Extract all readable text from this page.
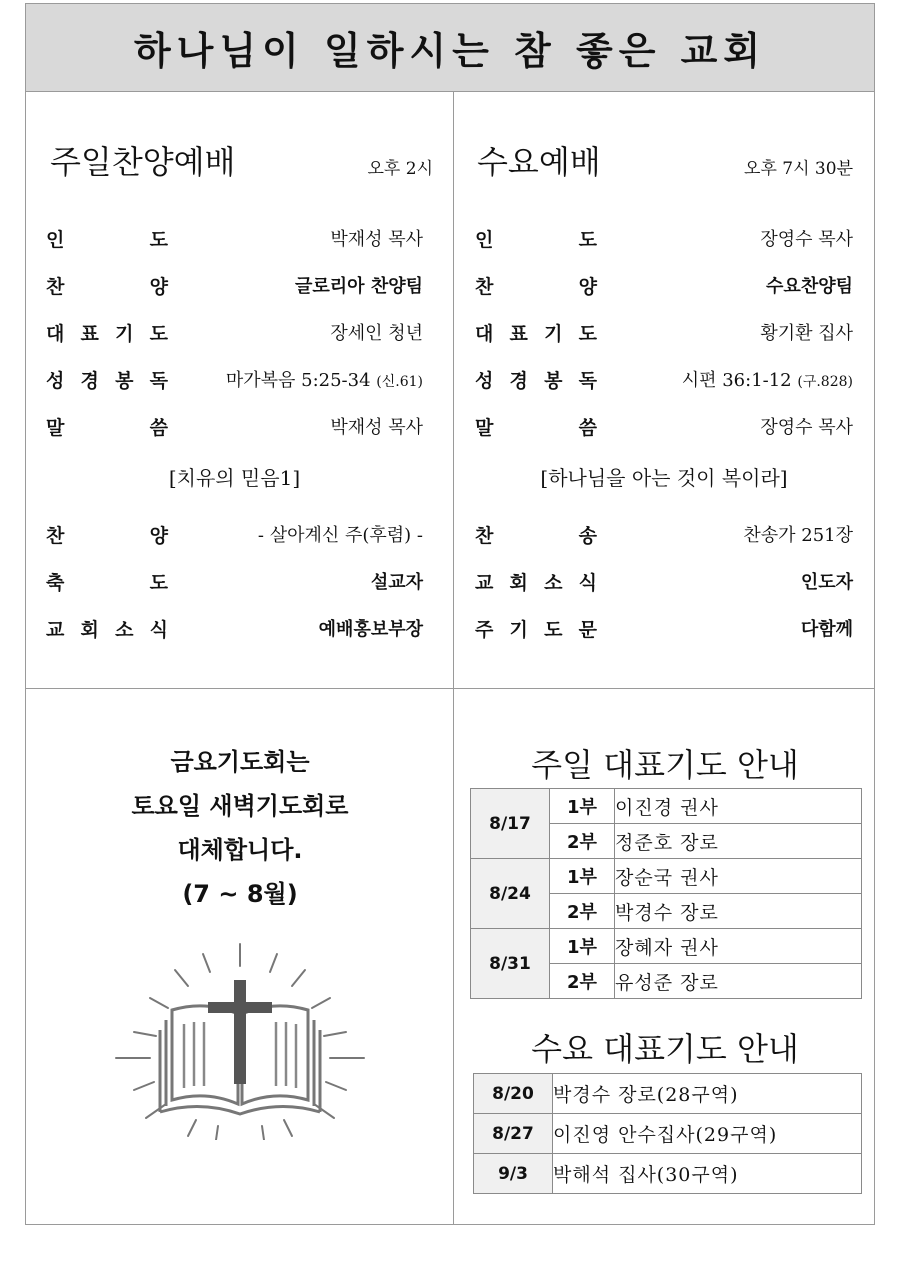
하나님이 일하시는 참 좋은 교회
주일찬양예배	오후 2시
인	도	박재성 목사
찬	양	글로리아 찬양팀
대 표 기 도	장세인 청년
성 경 봉 독	마가복음 5:25-34 (신.61)
말	씀	박재성 목사
[치유의 믿음1]
찬	양	- 살아계신 주(후렴) -
축	도	설교자
교 회 소 식	예배홍보부장
수요예배	오후 7시 30분
인	도	장영수 목사
찬	양	수요찬양팀
대 표 기 도	황기환 집사
성 경 봉 독	시편 36:1-12 (구.828)
말	씀	장영수 목사
[하나님을 아는 것이 복이라]
찬	송	찬송가 251장
교 회 소 식	인도자
주 기 도 문	다함께
금요기도회는
토요일 새벽기도회로
대체합니다.
(7 ~ 8월)
주일 대표기도 안내
8/17	1부	이진경 권사
	2부	정준호 장로
8/24	1부	장순국 권사
	2부	박경수 장로
8/31	1부	장혜자 권사
	2부	유성준 장로
수요 대표기도 안내
8/20	박경수 장로(28구역)
8/27	이진영 안수집사(29구역)
9/3	박해석 집사(30구역)
